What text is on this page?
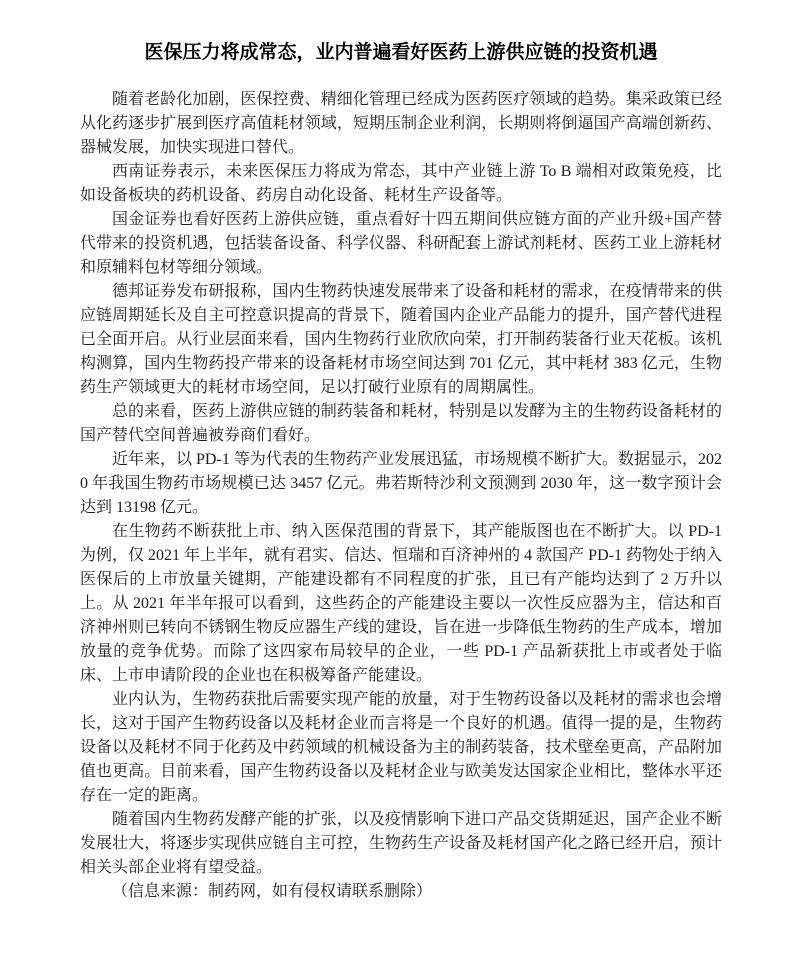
医保压力将成常态，业内普遍看好医药上游供应链的投资机遇

随着老龄化加剧，医保控费、精细化管理已经成为医药医疗领域的趋势。集采政策已经从化药逐步扩展到医疗高值耗材领域，短期压制企业利润，长期则将倒逼国产高端创新药、器械发展，加快实现进口替代。

西南证券表示，未来医保压力将成为常态，其中产业链上游 To B 端相对政策免疫，比如设备板块的药机设备、药房自动化设备、耗材生产设备等。

国金证券也看好医药上游供应链，重点看好十四五期间供应链方面的产业升级+国产替代带来的投资机遇，包括装备设备、科学仪器、科研配套上游试剂耗材、医药工业上游耗材和原辅料包材等细分领域。

德邦证券发布研报称，国内生物药快速发展带来了设备和耗材的需求，在疫情带来的供应链周期延长及自主可控意识提高的背景下，随着国内企业产品能力的提升，国产替代进程已全面开启。从行业层面来看，国内生物药行业欣欣向荣，打开制药装备行业天花板。该机构测算，国内生物药投产带来的设备耗材市场空间达到 701 亿元，其中耗材 383 亿元，生物药生产领域更大的耗材市场空间，足以打破行业原有的周期属性。

总的来看，医药上游供应链的制药装备和耗材，特别是以发酵为主的生物药设备耗材的国产替代空间普遍被券商们看好。

近年来，以 PD-1 等为代表的生物药产业发展迅猛，市场规模不断扩大。数据显示，2020 年我国生物药市场规模已达 3457 亿元。弗若斯特沙利文预测到 2030 年，这一数字预计会达到 13198 亿元。

在生物药不断获批上市、纳入医保范围的背景下，其产能版图也在不断扩大。以 PD-1 为例，仅 2021 年上半年，就有君实、信达、恒瑞和百济神州的 4 款国产 PD-1 药物处于纳入医保后的上市放量关键期，产能建设都有不同程度的扩张，且已有产能均达到了 2 万升以上。从 2021 年半年报可以看到，这些药企的产能建设主要以一次性反应器为主，信达和百济神州则已转向不锈钢生物反应器生产线的建设，旨在进一步降低生物药的生产成本，增加放量的竞争优势。而除了这四家布局较早的企业，一些 PD-1 产品新获批上市或者处于临床、上市申请阶段的企业也在积极筹备产能建设。

业内认为，生物药获批后需要实现产能的放量，对于生物药设备以及耗材的需求也会增长，这对于国产生物药设备以及耗材企业而言将是一个良好的机遇。值得一提的是，生物药设备以及耗材不同于化药及中药领域的机械设备为主的制药装备，技术壁垒更高，产品附加值也更高。目前来看，国产生物药设备以及耗材企业与欧美发达国家企业相比，整体水平还存在一定的距离。

随着国内生物药发酵产能的扩张，以及疫情影响下进口产品交货期延迟，国产企业不断发展壮大，将逐步实现供应链自主可控，生物药生产设备及耗材国产化之路已经开启，预计相关头部企业将有望受益。

（信息来源：制药网，如有侵权请联系删除）
